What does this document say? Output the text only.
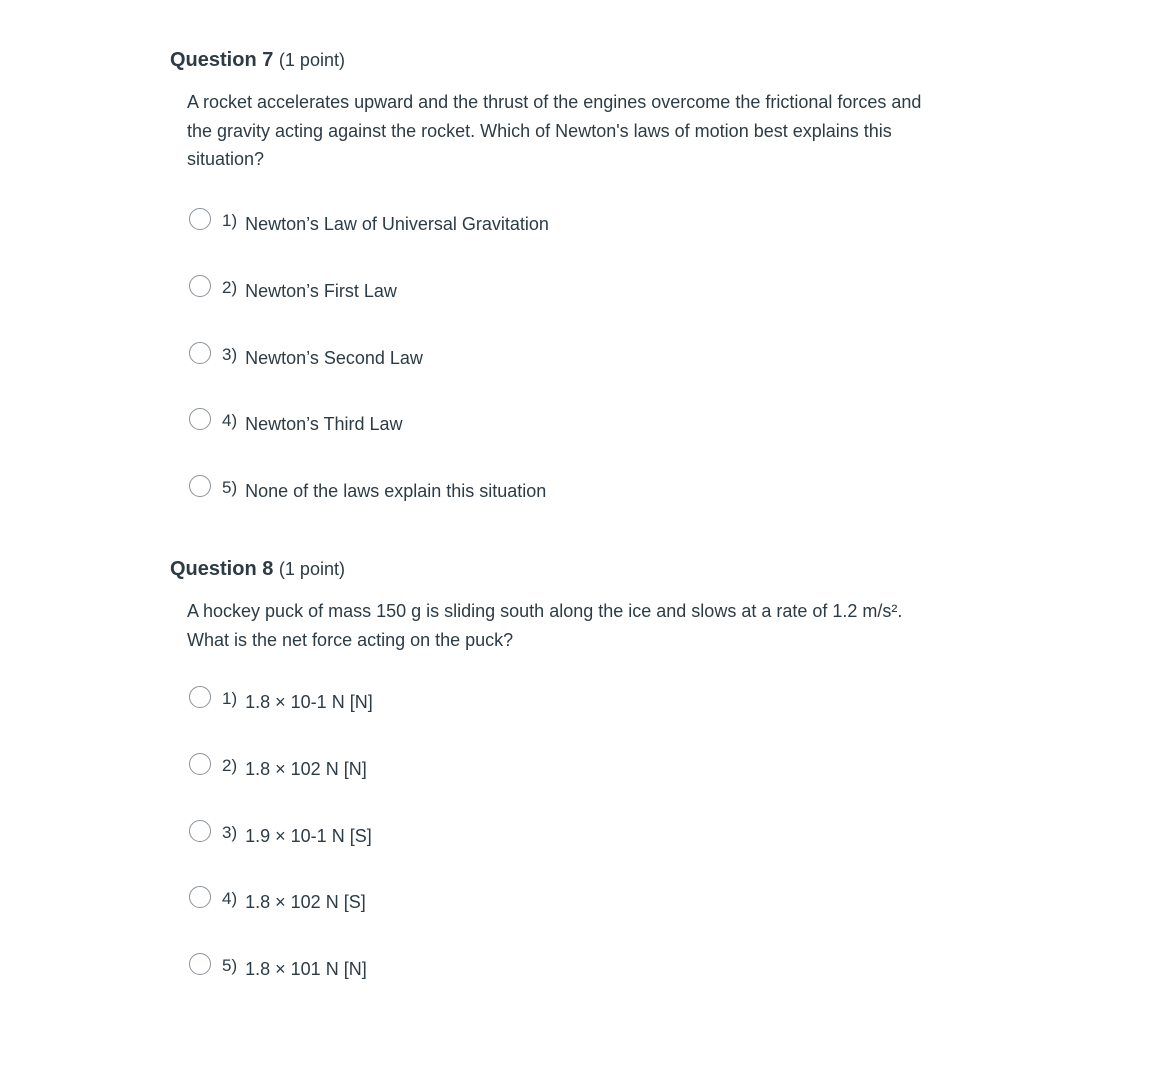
Question 7 (1 point)

A rocket accelerates upward and the thrust of the engines overcome the frictional forces and the gravity acting against the rocket. Which of Newton's laws of motion best explains this situation?

1) Newton’s Law of Universal Gravitation
2) Newton’s First Law
3) Newton’s Second Law
4) Newton’s Third Law
5) None of the laws explain this situation
Question 8 (1 point)

A hockey puck of mass 150 g is sliding south along the ice and slows at a rate of 1.2 m/s². What is the net force acting on the puck?

1) 1.8 × 10-1 N [N]
2) 1.8 × 102 N [N]
3) 1.9 × 10-1 N [S]
4) 1.8 × 102 N [S]
5) 1.8 × 101 N [N]
